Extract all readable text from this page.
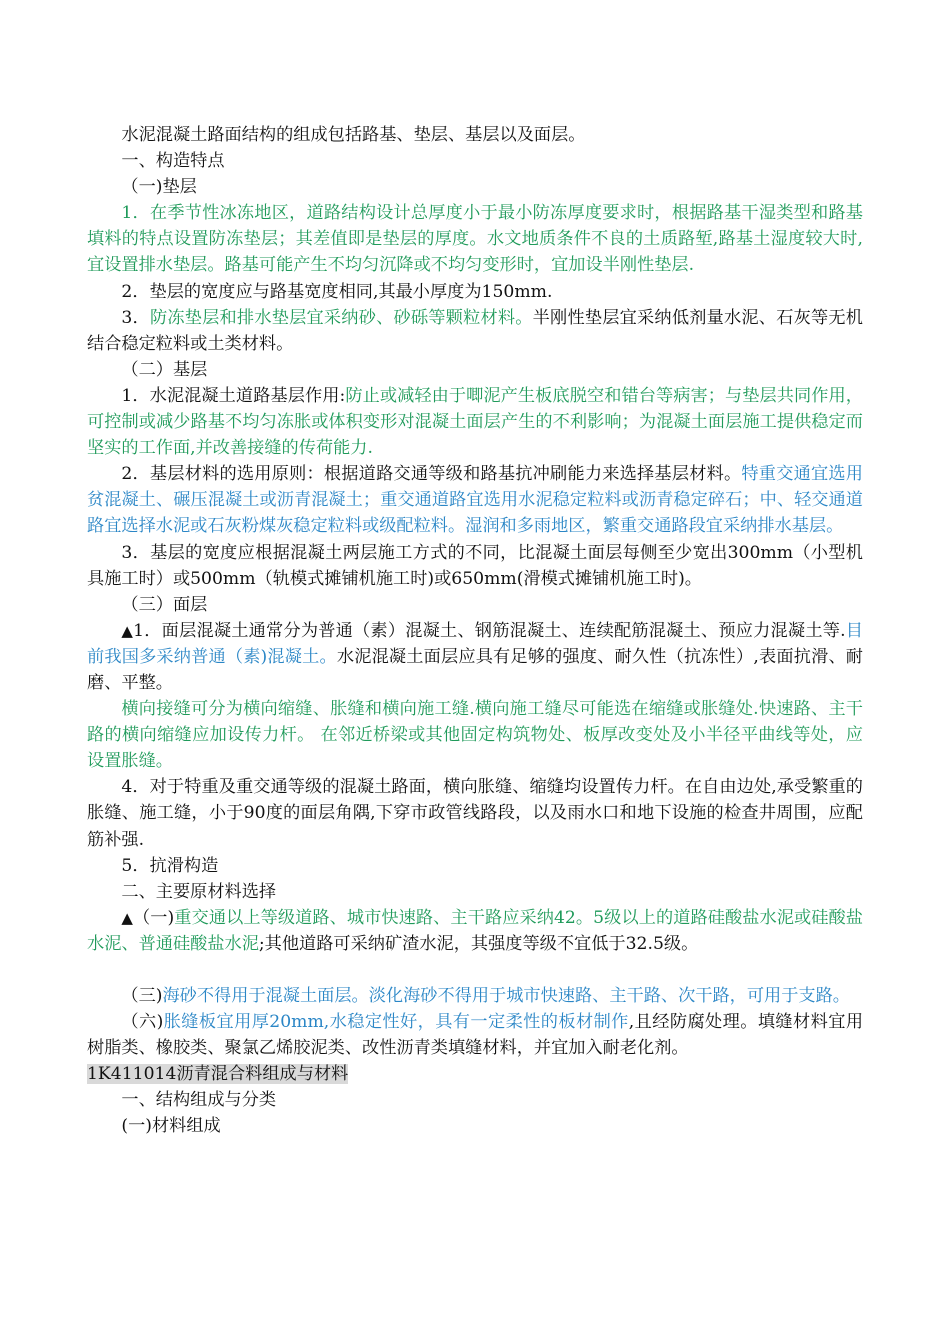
水泥混凝土路面结构的组成包括路基、垫层、基层以及面层。

一、构造特点

（一)垫层

1．在季节性冰冻地区，道路结构设计总厚度小于最小防冻厚度要求时，根据路基干湿类型和路基填料的特点设置防冻垫层；其差值即是垫层的厚度。水文地质条件不良的土质路堑,路基土湿度较大时,宜设置排水垫层。路基可能产生不均匀沉降或不均匀变形时，宜加设半刚性垫层.

2．垫层的宽度应与路基宽度相同,其最小厚度为150mm.

3．防冻垫层和排水垫层宜采纳砂、砂砾等颗粒材料。半刚性垫层宜采纳低剂量水泥、石灰等无机结合稳定粒料或土类材料。

（二）基层

1．水泥混凝土道路基层作用:防止或减轻由于唧泥产生板底脱空和错台等病害；与垫层共同作用，可控制或减少路基不均匀冻胀或体积变形对混凝土面层产生的不利影响；为混凝土面层施工提供稳定而坚实的工作面,并改善接缝的传荷能力.

2．基层材料的选用原则：根据道路交通等级和路基抗冲刷能力来选择基层材料。特重交通宜选用贫混凝土、碾压混凝土或沥青混凝土；重交通道路宜选用水泥稳定粒料或沥青稳定碎石；中、轻交通道路宜选择水泥或石灰粉煤灰稳定粒料或级配粒料。湿润和多雨地区，繁重交通路段宜采纳排水基层。

3．基层的宽度应根据混凝土两层施工方式的不同，比混凝土面层每侧至少宽出300mm（小型机具施工时）或500mm（轨模式摊铺机施工时)或650mm(滑模式摊铺机施工时)。

（三）面层

▲1．面层混凝土通常分为普通（素）混凝土、钢筋混凝土、连续配筋混凝土、预应力混凝土等.目前我国多采纳普通（素)混凝土。水泥混凝土面层应具有足够的强度、耐久性（抗冻性）,表面抗滑、耐磨、平整。

横向接缝可分为横向缩缝、胀缝和横向施工缝.横向施工缝尽可能选在缩缝或胀缝处.快速路、主干路的横向缩缝应加设传力杆。 在邻近桥梁或其他固定构筑物处、板厚改变处及小半径平曲线等处，应设置胀缝。

4．对于特重及重交通等级的混凝土路面，横向胀缝、缩缝均设置传力杆。在自由边处,承受繁重的胀缝、施工缝，小于90度的面层角隅,下穿市政管线路段，以及雨水口和地下设施的检查井周围，应配筋补强.

5．抗滑构造

二、主要原材料选择

▲（一)重交通以上等级道路、城市快速路、主干路应采纳42。5级以上的道路硅酸盐水泥或硅酸盐水泥、普通硅酸盐水泥;其他道路可采纳矿渣水泥，其强度等级不宜低于32.5级。

（三)海砂不得用于混凝土面层。淡化海砂不得用于城市快速路、主干路、次干路，可用于支路。

（六)胀缝板宜用厚20mm,水稳定性好，具有一定柔性的板材制作,且经防腐处理。填缝材料宜用树脂类、橡胶类、聚氯乙烯胶泥类、改性沥青类填缝材料，并宜加入耐老化剂。

1K411014沥青混合料组成与材料

一、结构组成与分类

(一)材料组成
